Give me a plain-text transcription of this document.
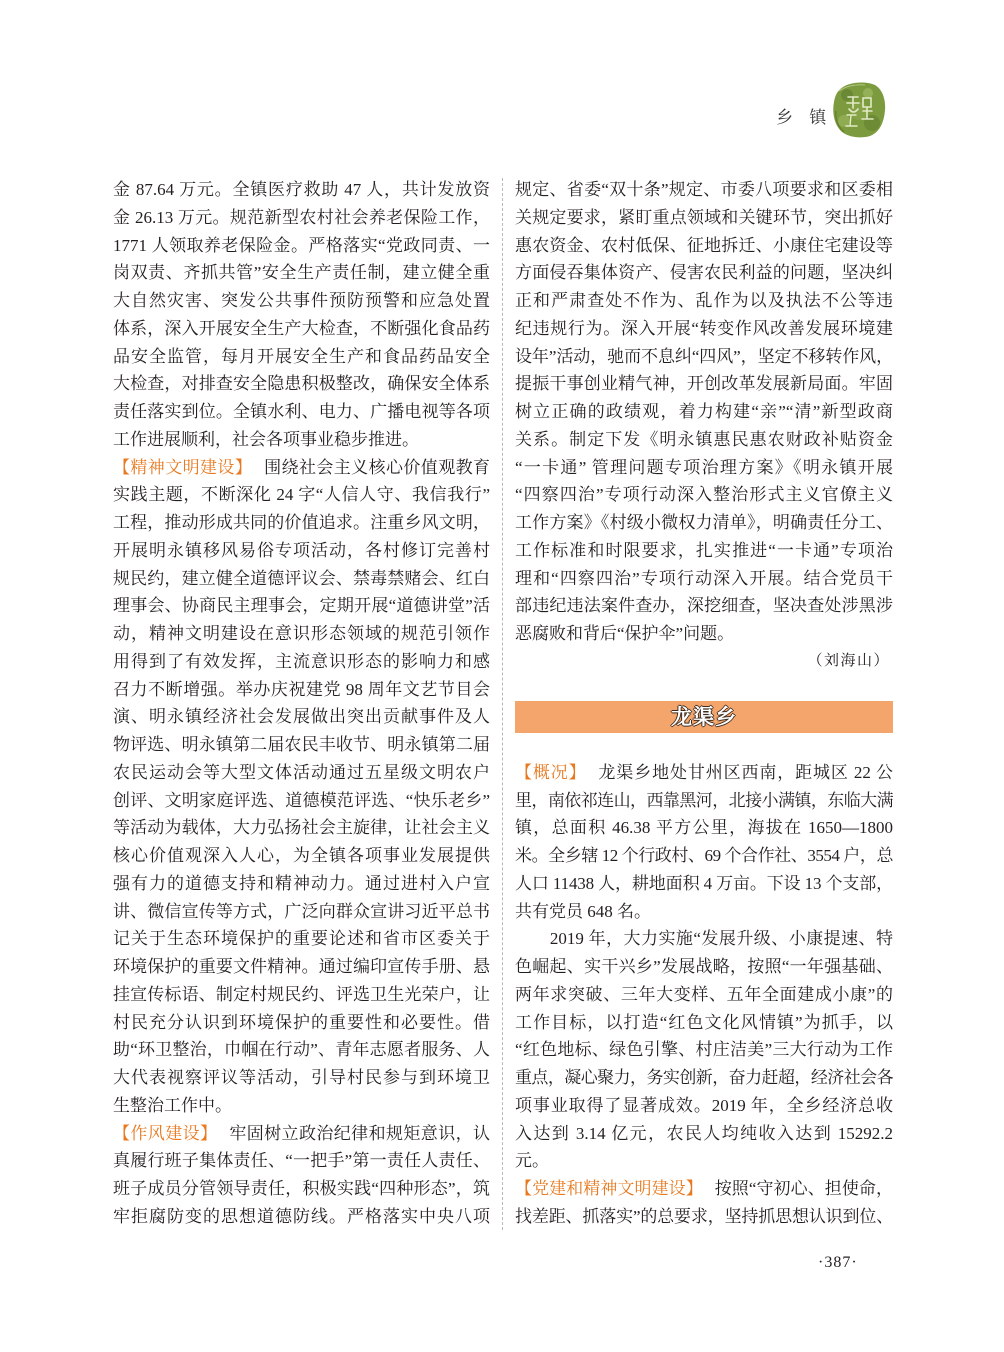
乡 镇
金 87.64 万元。全镇医疗救助 47 人，共计发放资
金 26.13 万元。规范新型农村社会养老保险工作，
1771 人领取养老保险金。严格落实“党政同责、一
岗双责、齐抓共管”安全生产责任制，建立健全重
大自然灾害、突发公共事件预防预警和应急处置
体系，深入开展安全生产大检查，不断强化食品药
品安全监管，每月开展安全生产和食品药品安全
大检查，对排查安全隐患积极整改，确保安全体系
责任落实到位。全镇水利、电力、广播电视等各项
工作进展顺利，社会各项事业稳步推进。
【精神文明建设】 围绕社会主义核心价值观教育
实践主题，不断深化 24 字“人信人守、我信我行”
工程，推动形成共同的价值追求。注重乡风文明，
开展明永镇移风易俗专项活动，各村修订完善村
规民约，建立健全道德评议会、禁毒禁赌会、红白
理事会、协商民主理事会，定期开展“道德讲堂”活
动，精神文明建设在意识形态领域的规范引领作
用得到了有效发挥，主流意识形态的影响力和感
召力不断增强。举办庆祝建党 98 周年文艺节目会
演、明永镇经济社会发展做出突出贡献事件及人
物评选、明永镇第二届农民丰收节、明永镇第二届
农民运动会等大型文体活动通过五星级文明农户
创评、文明家庭评选、道德模范评选、“快乐老乡”
等活动为载体，大力弘扬社会主旋律，让社会主义
核心价值观深入人心，为全镇各项事业发展提供
强有力的道德支持和精神动力。通过进村入户宣
讲、微信宣传等方式，广泛向群众宣讲习近平总书
记关于生态环境保护的重要论述和省市区委关于
环境保护的重要文件精神。通过编印宣传手册、悬
挂宣传标语、制定村规民约、评选卫生光荣户，让
村民充分认识到环境保护的重要性和必要性。借
助“环卫整治，巾帼在行动”、青年志愿者服务、人
大代表视察评议等活动，引导村民参与到环境卫
生整治工作中。
【作风建设】 牢固树立政治纪律和规矩意识，认
真履行班子集体责任、“一把手”第一责任人责任、
班子成员分管领导责任，积极实践“四种形态”，筑
牢拒腐防变的思想道德防线。严格落实中央八项
规定、省委“双十条”规定、市委八项要求和区委相
关规定要求，紧盯重点领域和关键环节，突出抓好
惠农资金、农村低保、征地拆迁、小康住宅建设等
方面侵吞集体资产、侵害农民利益的问题，坚决纠
正和严肃查处不作为、乱作为以及执法不公等违
纪违规行为。深入开展“转变作风改善发展环境建
设年”活动，驰而不息纠“四风”，坚定不移转作风，
提振干事创业精气神，开创改革发展新局面。牢固
树立正确的政绩观，着力构建“亲”“清”新型政商
关系。制定下发《明永镇惠民惠农财政补贴资金
“一卡通” 管理问题专项治理方案》《明永镇开展
“四察四治”专项行动深入整治形式主义官僚主义
工作方案》《村级小微权力清单》，明确责任分工、
工作标准和时限要求，扎实推进“一卡通”专项治
理和“四察四治”专项行动深入开展。结合党员干
部违纪违法案件查办，深挖细查，坚决查处涉黑涉
恶腐败和背后“保护伞”问题。
（刘海山）
龙渠乡
【概况】 龙渠乡地处甘州区西南，距城区 22 公
里，南依祁连山，西靠黑河，北接小满镇，东临大满
镇，总面积 46.38 平方公里，海拔在 1650—1800
米。全乡辖 12 个行政村、69 个合作社、3554 户，总
人口 11438 人，耕地面积 4 万亩。下设 13 个支部，
共有党员 648 名。
　　2019 年，大力实施“发展升级、小康提速、特
色崛起、实干兴乡”发展战略，按照“一年强基础、
两年求突破、三年大变样、五年全面建成小康”的
工作目标，以打造“红色文化风情镇”为抓手，以
“红色地标、绿色引擎、村庄洁美”三大行动为工作
重点，凝心聚力，务实创新，奋力赶超，经济社会各
项事业取得了显著成效。2019 年，全乡经济总收
入达到 3.14 亿元，农民人均纯收入达到 15292.2
元。
【党建和精神文明建设】 按照“守初心、担使命，
找差距、抓落实”的总要求，坚持抓思想认识到位、
·387·
